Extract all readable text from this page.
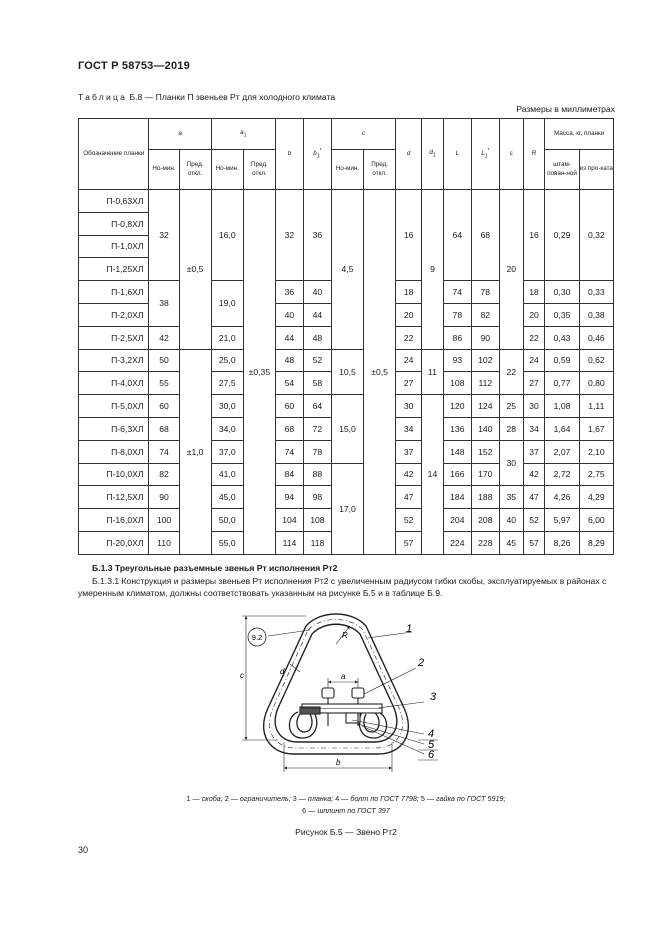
ГОСТ Р 58753—2019
Таблица Б.8 — Планки П звеньев Рт для холодного климата
Размеры в миллиметрах
Обозначение планки	a		$a_1$		b	$b_1^*$	c		d	$d_1$	L	$L_1^*$	s	R	Масса, кг, планки	
	Но-мин.	Пред. откл.	Но-мин.	Пред. откл.			Но-мин.	Пред. откл.							штам-пован-ной	из про-ката
П-0,63ХЛ	32	±0,5	16,0	±0,35	32	36	4,5	±0,5	16	9	64	68	20	16	0,29	0,32
П-0,8ХЛ																
П-1,0ХЛ																
П-1,25ХЛ																
П-1,6ХЛ	38		19,0		36	40			18		74	78		18	0,30	0,33
П-2,0ХЛ					40	44			20		78	82		20	0,35	0,38
П-2,5ХЛ	42		21,0		44	48			22		86	90		22	0,43	0,46
П-3,2ХЛ	50	±1,0	25,0		48	52	10,5		24	11	93	102	22	24	0,59	0,62
П-4,0ХЛ	55		27,5		54	58			27		108	112		27	0,77	0,80
П-5,0ХЛ	60		30,0		60	64	15,0		30	14	120	124	25	30	1,08	1,11
П-6,3ХЛ	68		34,0		68	72			34		136	140	28	34	1,64	1,67
П-8,0ХЛ	74		37,0		74	78			37		148	152	30	37	2,07	2,10
П-10,0ХЛ	82		41,0		84	88	17,0		42		166	170		42	2,72	2,75
П-12,5ХЛ	90		45,0		94	98			47		184	188	35	47	4,26	4,29
П-16,0ХЛ	100		50,0		104	108			52		204	208	40	52	5,97	6,00
П-20,0ХЛ	110		55,0		114	118			57		224	228	45	57	8,26	8,29
Б.1.3 Треугольные разъемные звенья Рт исполнения Рт2
Б.1.3.1 Конструкция и размеры звеньев Рт исполнения Рт2 с увеличенным радиусом гибки скобы, эксплуатируемых в районах с умеренным климатом, должны соответствовать указанным на рисунке Б.5 и в таблице Б.9.
9.2	R
c	d
a
b
1
2
3
4
5
6
1 — скоба; 2 — ограничитель; 3 — планка; 4 — болт по ГОСТ 7798; 5 — гайка по ГОСТ 5919;
6 — шплинт по ГОСТ 397
Рисунок Б.5 — Звено Рт2
30
